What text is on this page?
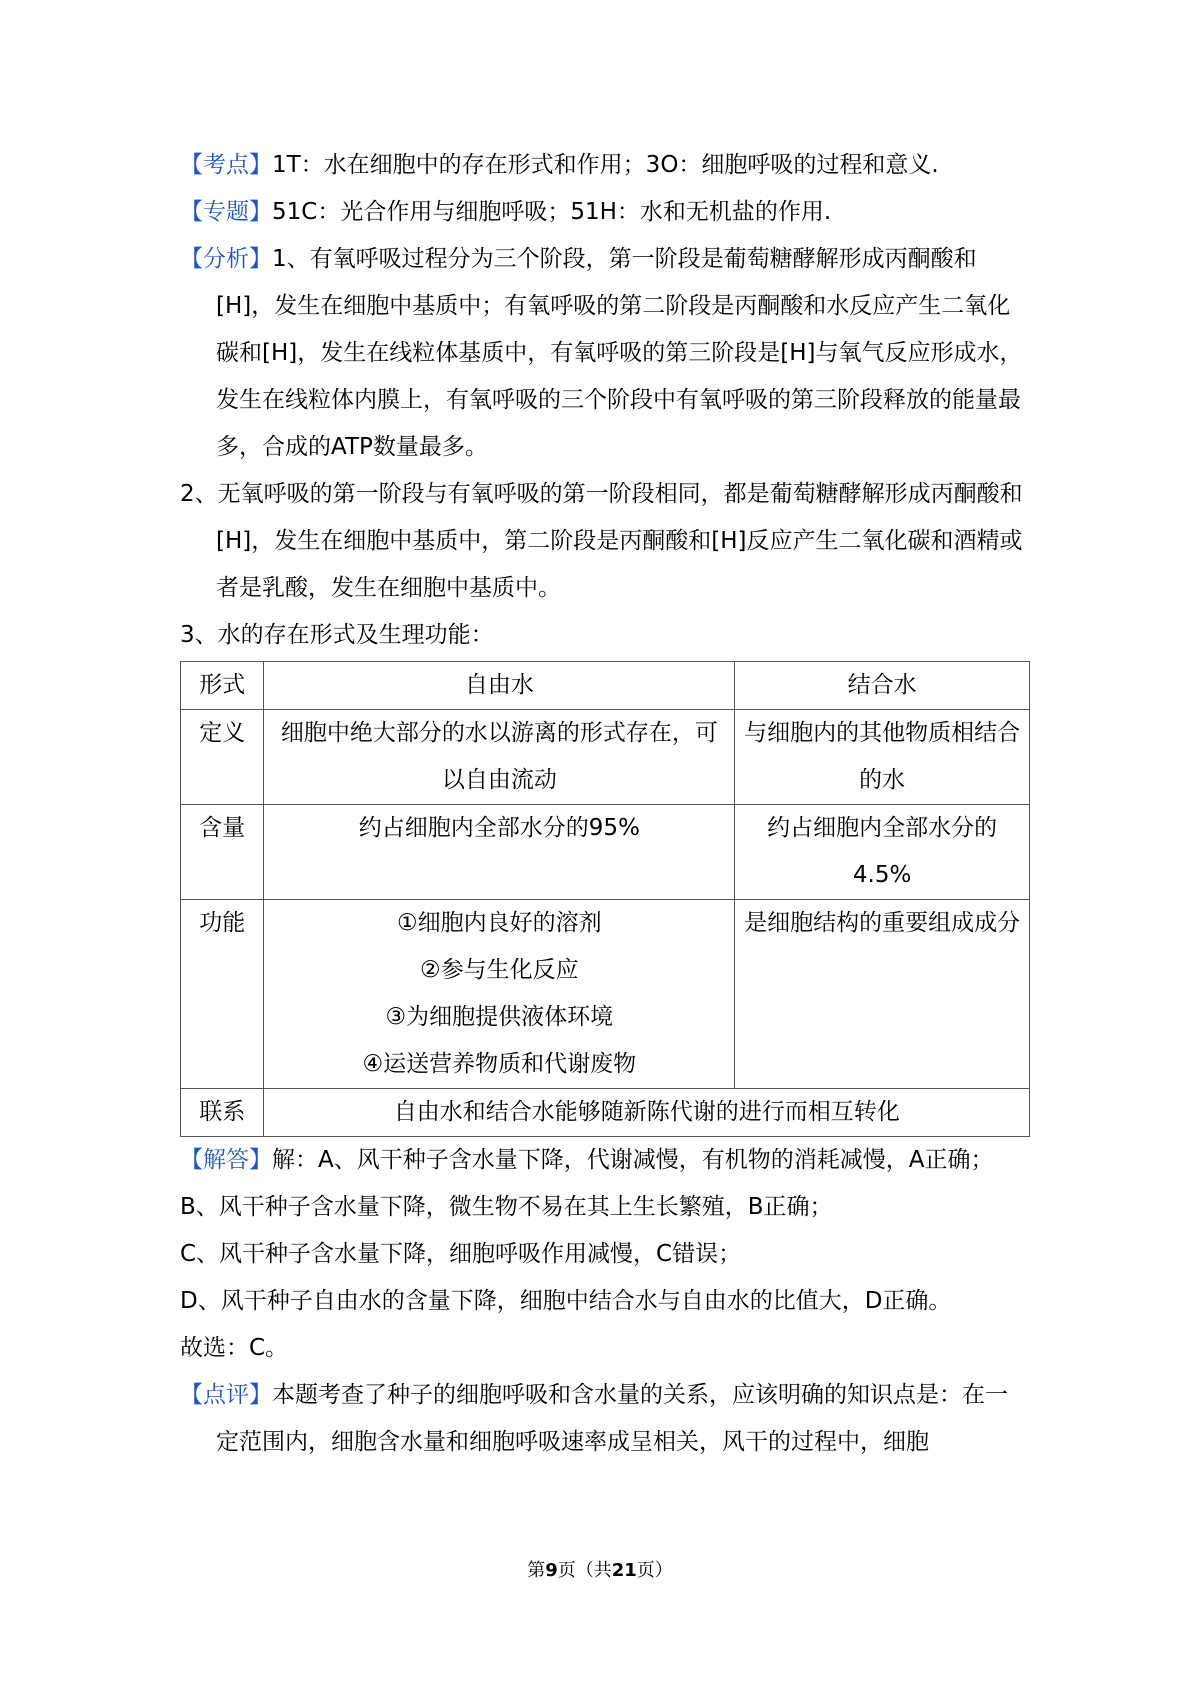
【考点】1T：水在细胞中的存在形式和作用；3O：细胞呼吸的过程和意义.

【专题】51C：光合作用与细胞呼吸；51H：水和无机盐的作用.

【分析】1、有氧呼吸过程分为三个阶段，第一阶段是葡萄糖酵解形成丙酮酸和[H]，发生在细胞中基质中；有氧呼吸的第二阶段是丙酮酸和水反应产生二氧化碳和[H]，发生在线粒体基质中，有氧呼吸的第三阶段是[H]与氧气反应形成水，发生在线粒体内膜上，有氧呼吸的三个阶段中有氧呼吸的第三阶段释放的能量最多，合成的ATP数量最多。

2、无氧呼吸的第一阶段与有氧呼吸的第一阶段相同，都是葡萄糖酵解形成丙酮酸和[H]，发生在细胞中基质中，第二阶段是丙酮酸和[H]反应产生二氧化碳和酒精或者是乳酸，发生在细胞中基质中。

3、水的存在形式及生理功能：

形式	自由水	结合水
定义	细胞中绝大部分的水以游离的形式存在，可以自由流动	与细胞内的其他物质相结合的水
含量	约占细胞内全部水分的95%	约占细胞内全部水分的4.5%
功能	①细胞内良好的溶剂
②参与生化反应
③为细胞提供液体环境
④运送营养物质和代谢废物	是细胞结构的重要组成成分
联系	自由水和结合水能够随新陈代谢的进行而相互转化	

【解答】解：A、风干种子含水量下降，代谢减慢，有机物的消耗减慢，A正确；

B、风干种子含水量下降，微生物不易在其上生长繁殖，B正确；

C、风干种子含水量下降，细胞呼吸作用减慢，C错误；

D、风干种子自由水的含量下降，细胞中结合水与自由水的比值大，D正确。

故选：C。

【点评】本题考查了种子的细胞呼吸和含水量的关系，应该明确的知识点是：在一定范围内，细胞含水量和细胞呼吸速率成呈相关，风干的过程中，细胞

第9页（共21页）
